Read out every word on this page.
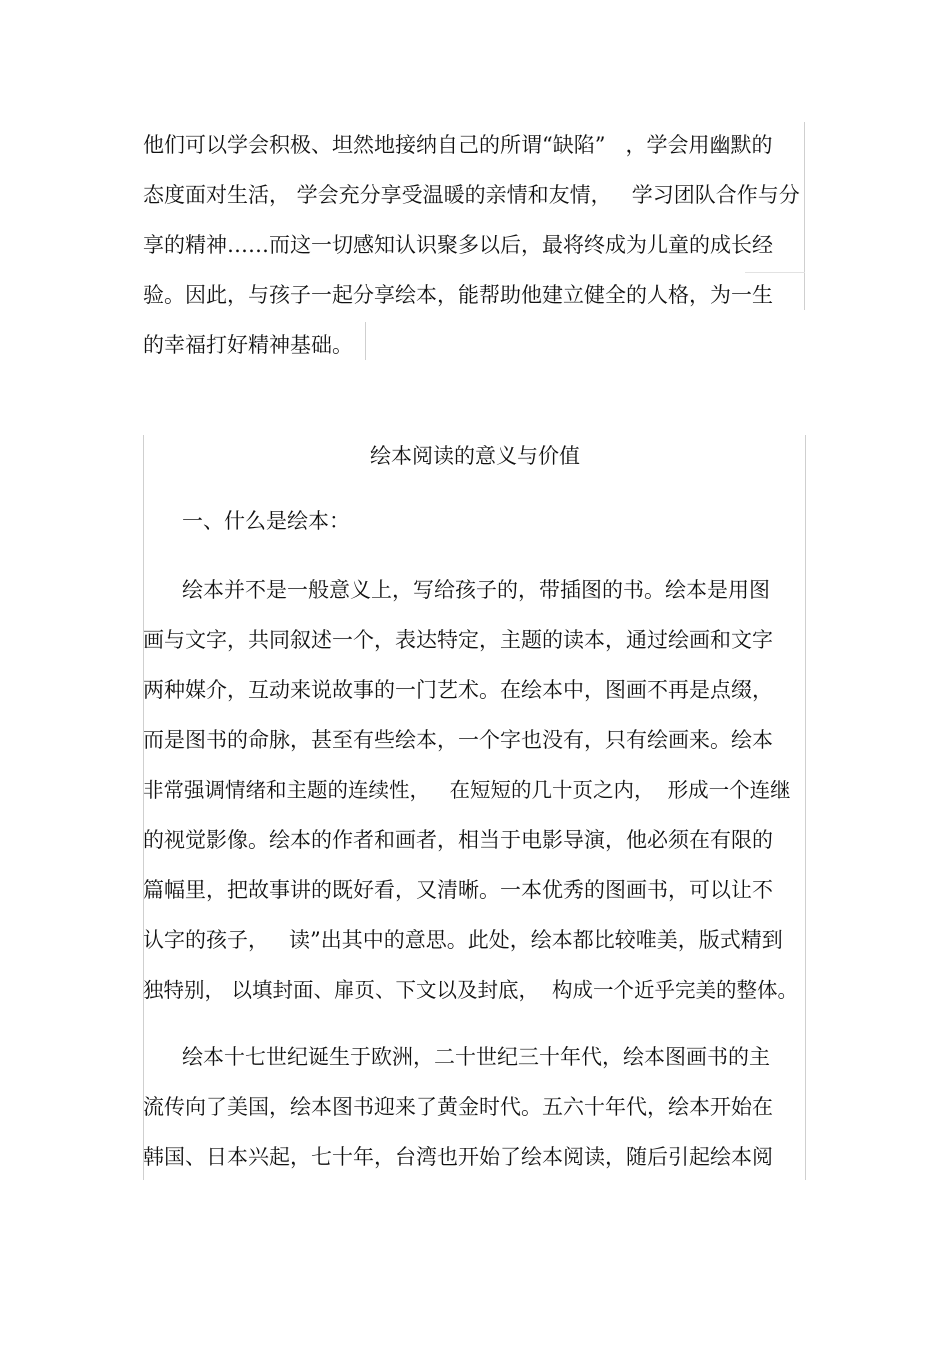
他们可以学会积极、坦然地接纳自己的所谓“缺陷”   ，学会用幽默的

态度面对生活， 学会充分享受温暖的亲情和友情，   学习团队合作与分

享的精神……而这一切感知认识聚多以后，最将终成为儿童的成长经

验。因此，与孩子一起分享绘本，能帮助他建立健全的人格，为一生

的幸福打好精神基础。

绘本阅读的意义与价值

一、什么是绘本：

绘本并不是一般意义上，写给孩子的，带插图的书。绘本是用图

画与文字，共同叙述一个，表达特定，主题的读本，通过绘画和文字

两种媒介，互动来说故事的一门艺术。在绘本中，图画不再是点缀，

而是图书的命脉，甚至有些绘本，一个字也没有，只有绘画来。绘本

非常强调情绪和主题的连续性，   在短短的几十页之内，  形成一个连继

的视觉影像。绘本的作者和画者，相当于电影导演，他必须在有限的

篇幅里，把故事讲的既好看，又清晰。一本优秀的图画书，可以让不

认字的孩子，   读”出其中的意思。此处，绘本都比较唯美，版式精到

独特别， 以填封面、扉页、下文以及封底，  构成一个近乎完美的整体。

绘本十七世纪诞生于欧洲，二十世纪三十年代，绘本图画书的主

流传向了美国，绘本图书迎来了黄金时代。五六十年代，绘本开始在

韩国、日本兴起，七十年，台湾也开始了绘本阅读，随后引起绘本阅
